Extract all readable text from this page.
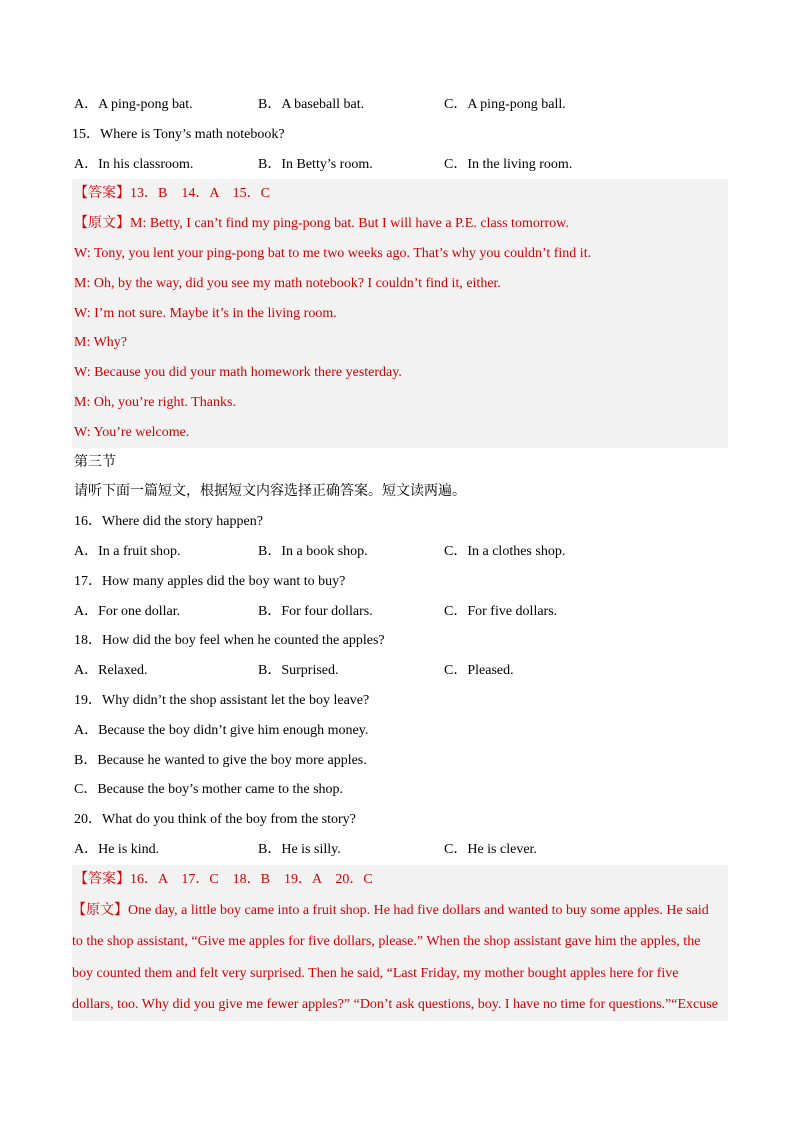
A．A ping-pong bat.	B．A baseball bat.	C．A ping-pong ball.
15．Where is Tony’s math notebook?
A．In his classroom.	B．In Betty’s room.	C．In the living room.
【答案】13．B　14．A　15．C
【原文】M: Betty, I can’t find my ping-pong bat. But I will have a P.E. class tomorrow.
W: Tony, you lent your ping-pong bat to me two weeks ago. That’s why you couldn’t find it.
M: Oh, by the way, did you see my math notebook? I couldn’t find it, either.
W: I’m not sure. Maybe it’s in the living room.
M: Why?
W: Because you did your math homework there yesterday.
M: Oh, you’re right. Thanks.
W: You’re welcome.
第三节
请听下面一篇短文，根据短文内容选择正确答案。短文读两遍。
16．Where did the story happen?
A．In a fruit shop.	B．In a book shop.	C．In a clothes shop.
17．How many apples did the boy want to buy?
A．For one dollar.	B．For four dollars.	C．For five dollars.
18．How did the boy feel when he counted the apples?
A．Relaxed.	B．Surprised.	C．Pleased.
19．Why didn’t the shop assistant let the boy leave?
A．Because the boy didn’t give him enough money.
B．Because he wanted to give the boy more apples.
C．Because the boy’s mother came to the shop.
20．What do you think of the boy from the story?
A．He is kind.	B．He is silly.	C．He is clever.
【答案】16．A　17．C　18．B　19．A　20．C
【原文】One day, a little boy came into a fruit shop. He had five dollars and wanted to buy some apples. He said
to the shop assistant, “Give me apples for five dollars, please.” When the shop assistant gave him the apples, the
boy counted them and felt very surprised. Then he said, “Last Friday, my mother bought apples here for five
dollars, too. Why did you give me fewer apples?” “Don’t ask questions, boy. I have no time for questions.”“Excuse
